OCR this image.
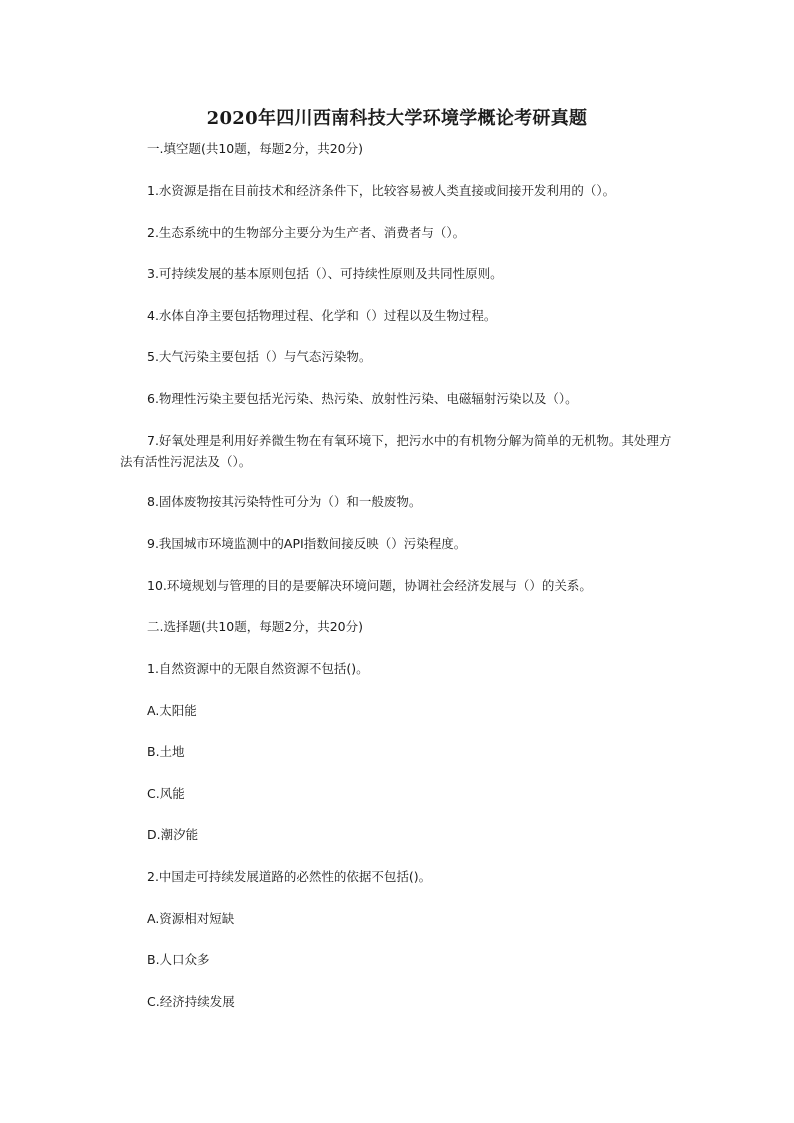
2020年四川西南科技大学环境学概论考研真题
一.填空题(共10题，每题2分，共20分)
1.水资源是指在目前技术和经济条件下，比较容易被人类直接或间接开发利用的（）。
2.生态系统中的生物部分主要分为生产者、消费者与（）。
3.可持续发展的基本原则包括（）、可持续性原则及共同性原则。
4.水体自净主要包括物理过程、化学和（）过程以及生物过程。
5.大气污染主要包括（）与气态污染物。
6.物理性污染主要包括光污染、热污染、放射性污染、电磁辐射污染以及（）。
7.好氧处理是利用好养微生物在有氧环境下，把污水中的有机物分解为简单的无机物。其处理方法有活性污泥法及（）。
8.固体废物按其污染特性可分为（）和一般废物。
9.我国城市环境监测中的API指数间接反映（）污染程度。
10.环境规划与管理的目的是要解决环境问题，协调社会经济发展与（）的关系。
二.选择题(共10题，每题2分，共20分)
1.自然资源中的无限自然资源不包括()。
A.太阳能
B.土地
C.风能
D.潮汐能
2.中国走可持续发展道路的必然性的依据不包括()。
A.资源相对短缺
B.人口众多
C.经济持续发展
